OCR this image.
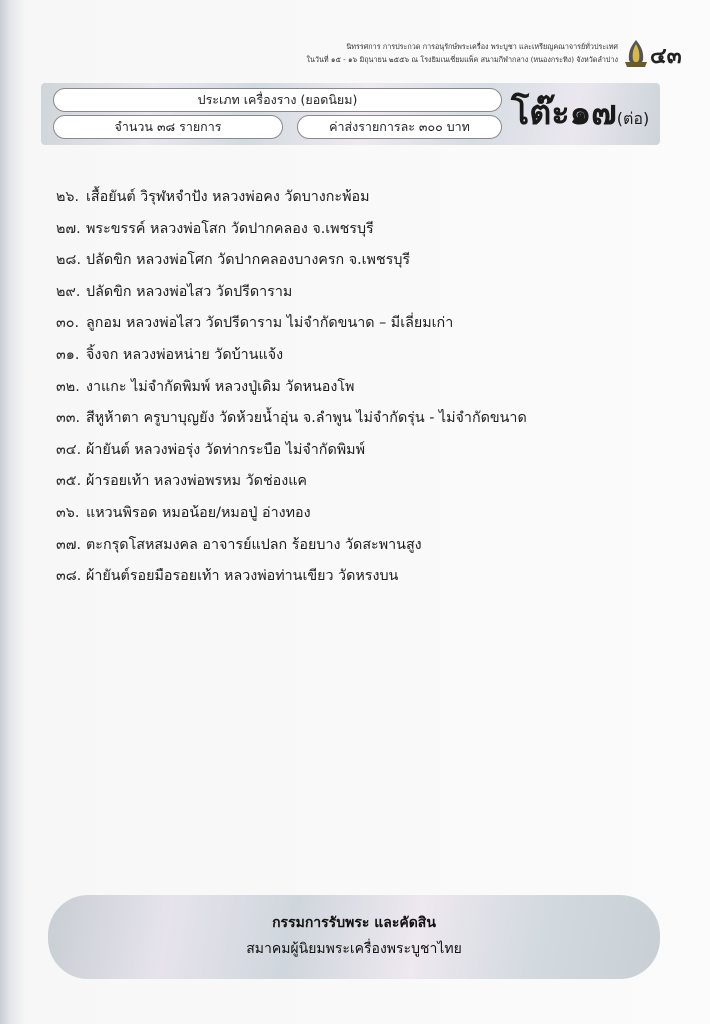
นิทรรศการ การประกวด การอนุรักษ์พระเครื่อง พระบูชา และเหรียญคณาจารย์ทั่วประเทศ
ในวันที่ ๑๕ - ๑๖ มิถุนายน ๒๕๕๖ ณ โรงยิมเนเซี่ยมแพ็ค สนามกีฬากลาง (หนองกระทิง) จังหวัดลำปาง ๔๓
ประเภท เครื่องราง (ยอดนิยม)
จำนวน ๓๘ รายการ	ค่าส่งรายการละ ๓๐๐ บาท	โต๊ะ๑๗(ต่อ)
๒๖. เสื้อยันต์ วิรุฬหจำปัง หลวงพ่อคง วัดบางกะพ้อม
๒๗. พระขรรค์ หลวงพ่อโสก วัดปากคลอง จ.เพชรบุรี
๒๘. ปลัดขิก หลวงพ่อโศก วัดปากคลองบางครก จ.เพชรบุรี
๒๙. ปลัดขิก หลวงพ่อไสว วัดปรีดาราม
๓๐. ลูกอม หลวงพ่อไสว วัดปรีดาราม ไม่จำกัดขนาด – มีเลี่ยมเก่า
๓๑. จิ้งจก หลวงพ่อหน่าย วัดบ้านแจ้ง
๓๒. งาแกะ ไม่จำกัดพิมพ์ หลวงปู่เดิม วัดหนองโพ
๓๓. สีหูห้าตา ครูบาบุญยัง วัดห้วยน้ำอุ่น จ.ลำพูน ไม่จำกัดรุ่น - ไม่จำกัดขนาด
๓๔. ผ้ายันต์ หลวงพ่อรุ่ง วัดท่ากระบือ ไม่จำกัดพิมพ์
๓๕. ผ้ารอยเท้า หลวงพ่อพรหม วัดช่องแค
๓๖. แหวนพิรอด หมอน้อย/หมอปู่ อ่างทอง
๓๗. ตะกรุดโสหสมงคล อาจารย์แปลก ร้อยบาง วัดสะพานสูง
๓๘. ผ้ายันต์รอยมือรอยเท้า หลวงพ่อท่านเขียว วัดหรงบน
กรรมการรับพระ และคัดสิน
สมาคมผู้นิยมพระเครื่องพระบูชาไทย
